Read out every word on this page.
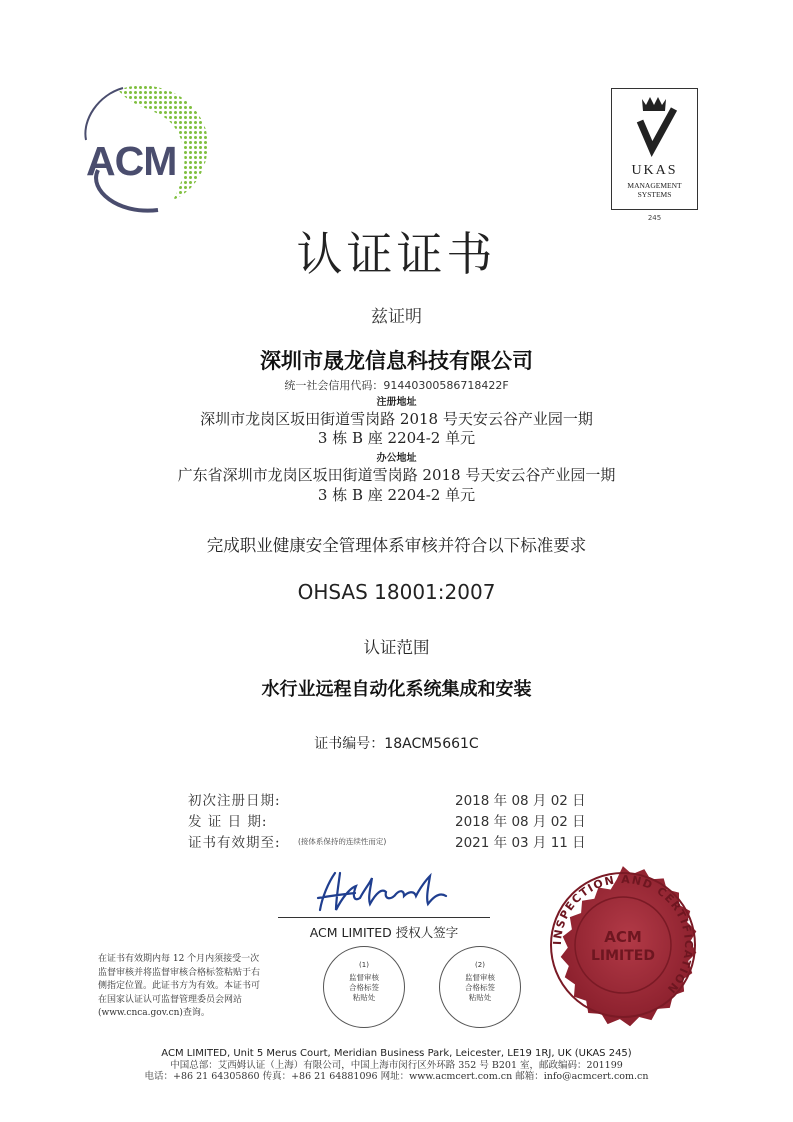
ACM	UKAS
MANAGEMENT
SYSTEMS
245
认证证书
兹证明
深圳市晟龙信息科技有限公司
统一社会信用代码：91440300586718422F
注册地址
深圳市龙岗区坂田街道雪岗路 2018 号天安云谷产业园一期
3 栋 B 座 2204-2 单元
办公地址
广东省深圳市龙岗区坂田街道雪岗路 2018 号天安云谷产业园一期
3 栋 B 座 2204-2 单元
完成职业健康安全管理体系审核并符合以下标准要求
OHSAS 18001:2007
认证范围
水行业远程自动化系统集成和安装
证书编号：18ACM5661C
初次注册日期:	2018 年 08 月 02 日
发 证 日 期:	2018 年 08 月 02 日
证书有效期至: (接体系保持的连续性而定)	2021 年 03 月 11 日
ACM LIMITED 授权人签字
在证书有效期内每 12 个月内须接受一次
监督审核并将监督审核合格标签粘贴于右
侧指定位置。此证书方为有效。本证书可
在国家认证认可监督管理委员会网站
(www.cnca.gov.cn)查询。
(1)
监督审核
合格标签
粘贴处
(2)
监督审核
合格标签
粘贴处
INSPECTION AND CERTIFICATION
ACM
LIMITED
ACM LIMITED, Unit 5 Merus Court, Meridian Business Park, Leicester, LE19 1RJ, UK (UKAS 245)
中国总部：艾西姆认证（上海）有限公司，中国上海市闵行区外环路 352 号 B201 室，邮政编码：201199
电话：+86 21 64305860 传真：+86 21 64881096 网址：www.acmcert.com.cn 邮箱：info@acmcert.com.cn
